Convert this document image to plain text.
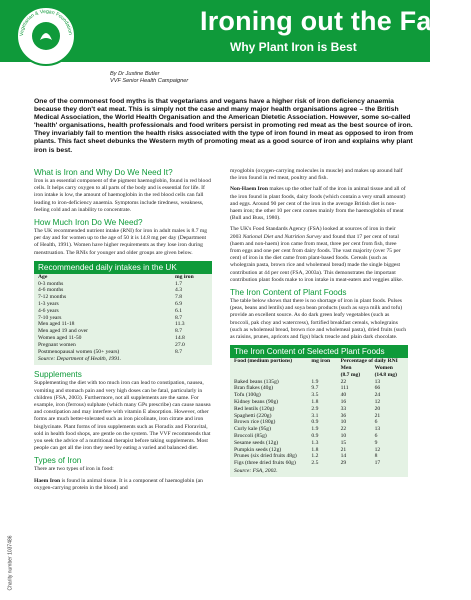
Ironing out the Facts
Why Plant Iron is Best
Vegetarian & Vegan Foundation
By Dr Justine Butler
VVF Senior Health Campaigner
One of the commonest food myths is that vegetarians and vegans have a higher risk of iron deficiency anaemia because they don't eat meat. This is simply not the case and many major health organisations agree – the British Medical Association, the World Health Organisation and the American Dietetic Association. However, some so-called 'health' organisations, health professionals and food writers persist in promoting red meat as the best source of iron. They invariably fail to mention the health risks associated with the type of iron found in meat as opposed to iron from plants. This fact sheet debunks the Western myth of promoting meat as a good source of iron and explains why plant iron is best.
What is Iron and Why Do We Need It?
Iron is an essential component of the pigment haemoglobin, found in red blood cells. It helps carry oxygen to all parts of the body and is essential for life. If iron intake is low, the amount of haemoglobin in the red blood cells can fall leading to iron-deficiency anaemia. Symptoms include tiredness, weakness, feeling cold and an inability to concentrate.
How Much Iron Do We Need?
The UK recommended nutrient intake (RNI) for iron in adult males is 8.7 mg per day and for women up to the age of 50 it is 14.8 mg per day (Department of Health, 1991). Women have higher requirements as they lose iron during menstruation. The RNIs for younger and older groups are given below.
Recommended daily intakes in the UK
Age	mg iron
0-3 months	1.7
4-6 months	4.3
7-12 months	7.8
1-3 years	6.9
4-6 years	6.1
7-10 years	8.7
Men aged 11-18	11.3
Men aged 19 and over	8.7
Women aged 11-50	14.8
Pregnant women	27.0
Postmenopausal women (50+ years)	8.7
Source: Department of Health, 1991.
Supplements
Supplementing the diet with too much iron can lead to constipation, nausea, vomiting and stomach pain and very high doses can be fatal, particularly in children (FSA, 2003). Furthermore, not all supplements are the same. For example, iron (ferrous) sulphate (which many GPs prescribe) can cause nausea and constipation and may interfere with vitamin E absorption. However, other forms are much better-tolerated such as iron picolinate, iron citrate and iron bisglycinate. Plant forms of iron supplements such as Floradix and Floravital, sold in health food shops, are gentle on the system. The VVF recommends that you seek the advice of a nutritional therapist before taking supplements. Most people can get all the iron they need by eating a varied and balanced diet.
Types of Iron
There are two types of iron in food:
Haem Iron is found in animal tissue. It is a component of haemoglobin (an oxygen-carrying protein in the blood) and
myoglobin (oxygen-carrying molecules in muscle) and makes up around half the iron found in red meat, poultry and fish.
Non-Haem Iron makes up the other half of the iron in animal tissue and all of the iron found in plant foods, dairy foods (which contain a very small amount) and eggs. Around 90 per cent of the iron in the average British diet is non-haem iron; the other 10 per cent comes mainly from the haemoglobin of meat (Bull and Buss, 1980).
The UK's Food Standards Agency (FSA) looked at sources of iron in their 2003 National Diet and Nutrition Survey and found that 17 per cent of total (haem and non-haem) iron came from meat, three per cent from fish, three from eggs and one per cent from dairy foods. The vast majority (over 75 per cent) of iron in the diet came from plant-based foods. Cereals (such as wholegrain pasta, brown rice and wholemeal bread) made the single biggest contribution at 44 per cent (FSA, 2003a). This demonstrates the important contribution plant foods make to iron intake in meat-eaters and veggies alike.
The Iron Content of Plant Foods
The table below shows that there is no shortage of iron in plant foods. Pulses (peas, beans and lentils) and soya bean products (such as soya milk and tofu) provide an excellent source. As do dark green leafy vegetables (such as broccoli, pak choy and watercress), fortified breakfast cereals, wholegrains (such as wholemeal bread, brown rice and wholemeal pasta), dried fruits (such as raisins, prunes, apricots and figs) black treacle and plain dark chocolate.
The Iron Content of Selected Plant Foods
Food (medium portions)	mg iron	Percentage of daily RNI	
		Men	Women
		(8.7 mg)	(14.8 mg)
Baked beans (135g)	1.9	22	13
Bran flakes (40g)	9.7	111	66
Tofu (100g)	3.5	40	24
Kidney beans (90g)	1.8	16	12
Red lentils (120g)	2.9	33	20
Spaghetti (220g)	3.1	36	21
Brown rice (180g)	0.9	10	6
Curly kale (95g)	1.9	22	13
Broccoli (85g)	0.9	10	6
Sesame seeds (12g)	1.3	15	9
Pumpkin seeds (12g)	1.8	21	12
Prunes (six dried fruits 48g)	1.2	14	8
Figs (three dried fruits 60g)	2.5	29	17
Source: FSA, 2002.
Charity number 1037486
